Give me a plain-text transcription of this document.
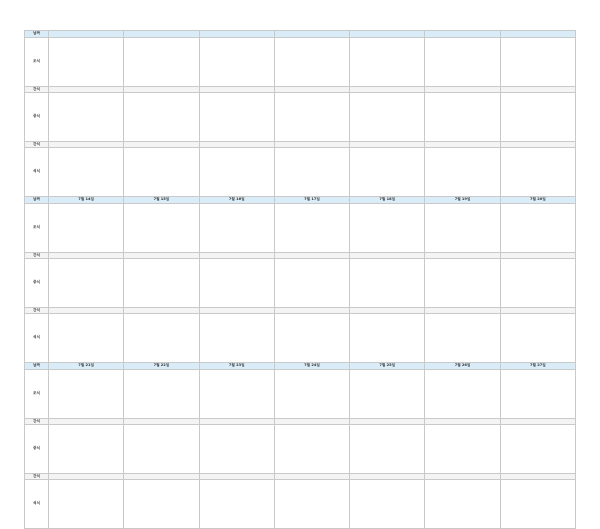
날짜							
조식							
간식							
중식							
간식							
석식							
날짜	7월 14일	7월 15일	7월 16일	7월 17일	7월 18일	7월 19일	7월 20일
조식							
간식							
중식							
간식							
석식							
날짜	7월 21일	7월 22일	7월 23일	7월 24일	7월 25일	7월 26일	7월 27일
조식							
간식							
중식							
간식							
석식							
